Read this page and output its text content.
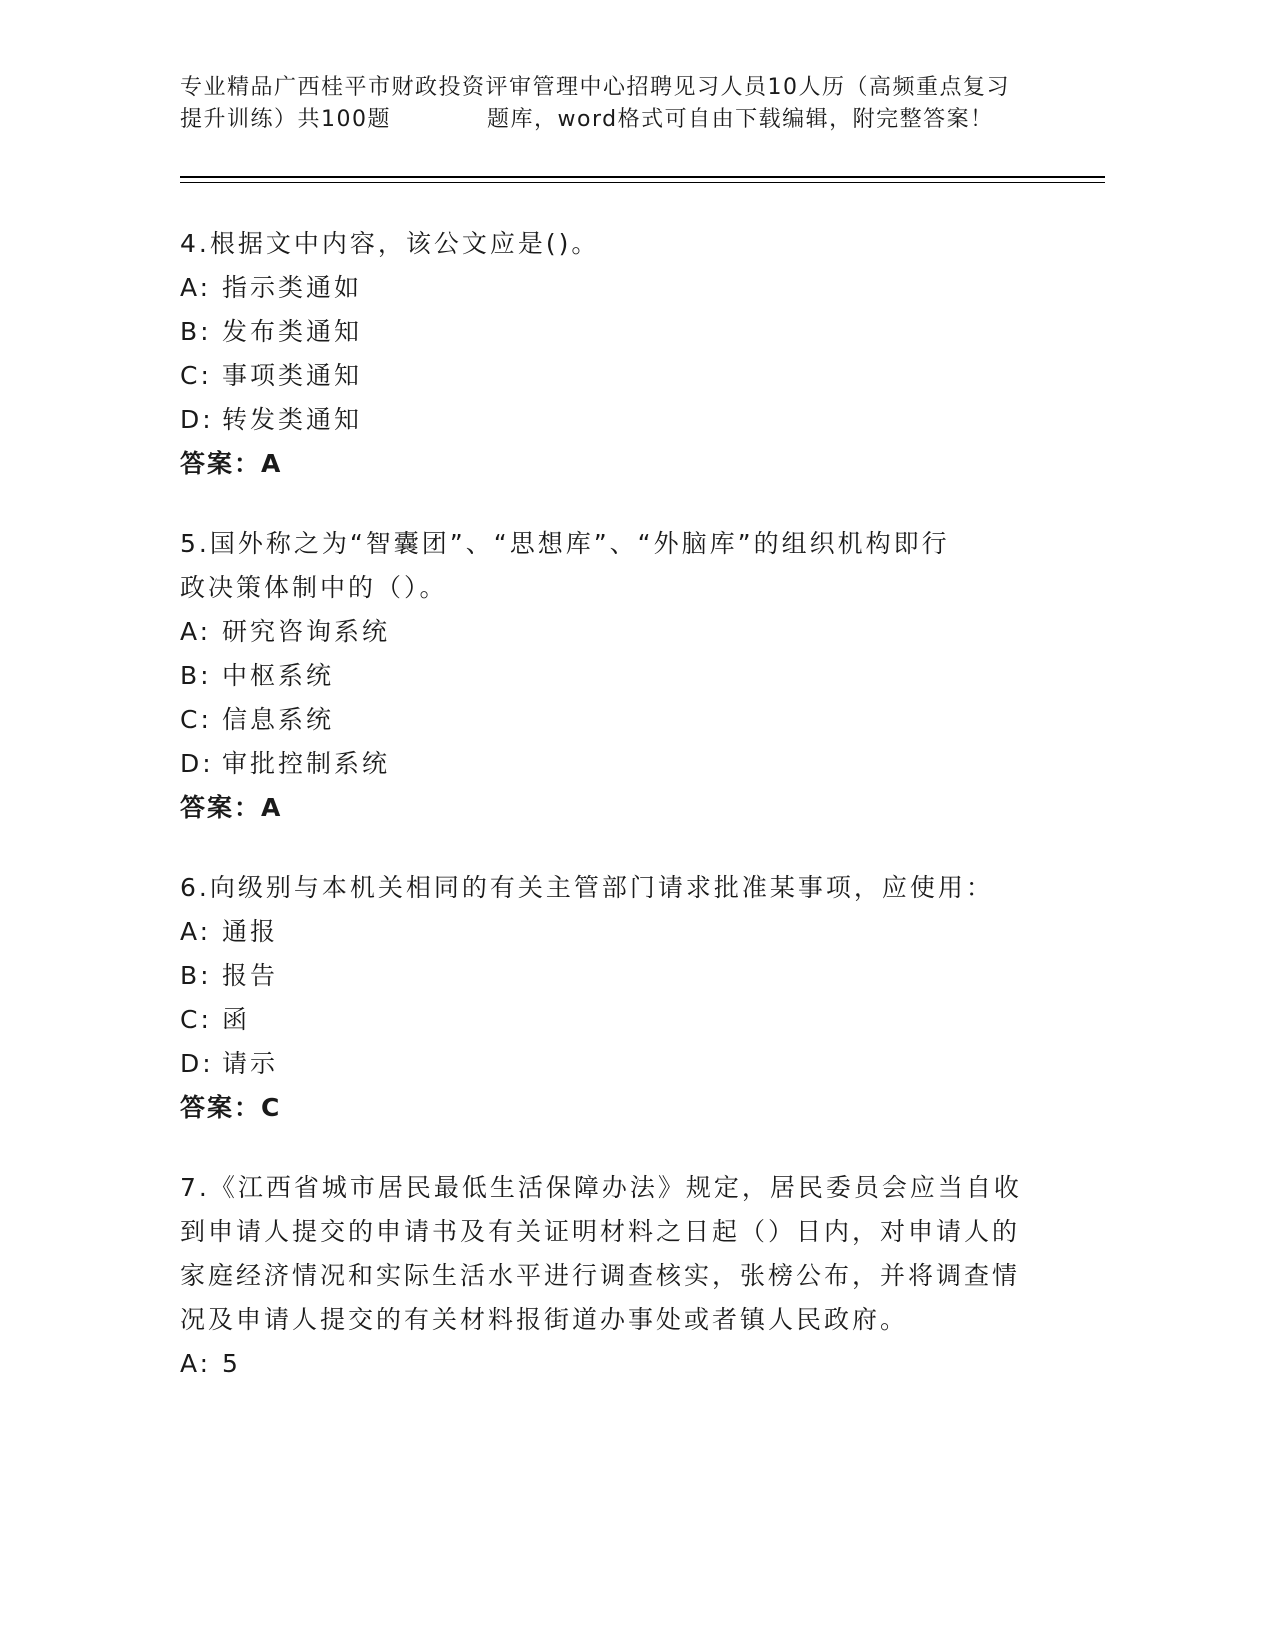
专业精品广西桂平市财政投资评审管理中心招聘见习人员10人历（高频重点复习
提升训练）共100题	题库，word格式可自由下载编辑，附完整答案！
4.根据文中内容，该公文应是()。
A: 指示类通如
B: 发布类通知
C: 事项类通知
D: 转发类通知
答案：A
5.国外称之为“智囊团”、“思想库”、“外脑库”的组织机构即行
政决策体制中的（）。
A: 研究咨询系统
B: 中枢系统
C: 信息系统
D: 审批控制系统
答案：A
6.向级别与本机关相同的有关主管部门请求批准某事项，应使用：
A: 通报
B: 报告
C: 函
D: 请示
答案：C
7.《江西省城市居民最低生活保障办法》规定，居民委员会应当自收
到申请人提交的申请书及有关证明材料之日起（）日内，对申请人的
家庭经济情况和实际生活水平进行调查核实，张榜公布，并将调查情
况及申请人提交的有关材料报街道办事处或者镇人民政府。
A: 5
